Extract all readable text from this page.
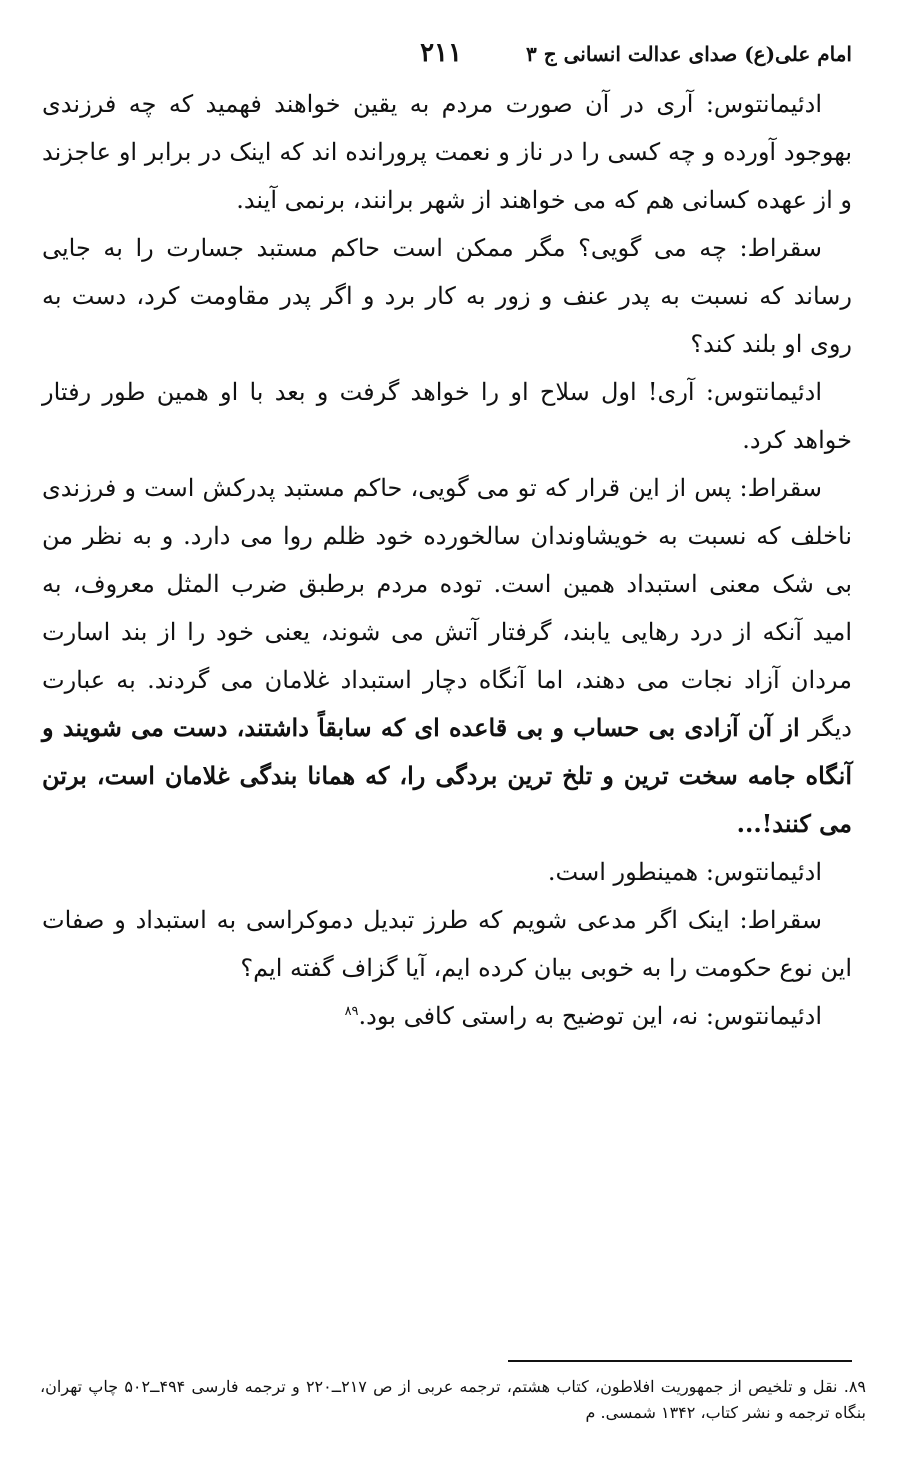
امام علی(ع) صدای عدالت انسانی ج ۳
۲۱۱

ادئیمانتوس: آری در آن صورت مردم به یقین خواهند فهمید که چه فرزندی بهوجود آورده و چه کسی را در ناز و نعمت پرورانده اند که اینک در برابر او عاجزند و از عهده کسانی هم که می خواهند از شهر برانند، برنمی آیند.

سقراط: چه می گویی؟ مگر ممکن است حاکم مستبد جسارت را به جایی رساند که نسبت به پدر عنف و زور به کار برد و اگر پدر مقاومت کرد، دست به روی او بلند کند؟

ادئیمانتوس: آری! اول سلاح او را خواهد گرفت و بعد با او همین طور رفتار خواهد کرد.

سقراط: پس از این قرار که تو می گویی، حاکم مستبد پدرکش است و فرزندی ناخلف که نسبت به خویشاوندان سالخورده خود ظلم روا می دارد. و به نظر من بی شک معنی استبداد همین است. توده مردم برطبق ضرب المثل معروف، به امید آنکه از درد رهایی یابند، گرفتار آتش می شوند، یعنی خود را از بند اسارت مردان آزاد نجات می دهند، اما آنگاه دچار استبداد غلامان می گردند. به عبارت دیگر از آن آزادی بی حساب و بی قاعده ای که سابقاً داشتند، دست می شویند و آنگاه جامه سخت ترین و تلخ ترین بردگی را، که همانا بندگی غلامان است، برتن می کنند!...

ادئیمانتوس: همینطور است.

سقراط: اینک اگر مدعی شویم که طرز تبدیل دموکراسی به استبداد و صفات این نوع حکومت را به خوبی بیان کرده ایم، آیا گزاف گفته ایم؟

ادئیمانتوس: نه، این توضیح به راستی کافی بود.$^{۸۹}$

۸۹. نقل و تلخیص از جمهوریت افلاطون، کتاب هشتم، ترجمه عربی از ص ۲۱۷ــ۲۲۰ و ترجمه فارسی ۴۹۴ــ۵۰۲ چاپ تهران، بنگاه ترجمه و نشر کتاب، ۱۳۴۲ شمسی. م
